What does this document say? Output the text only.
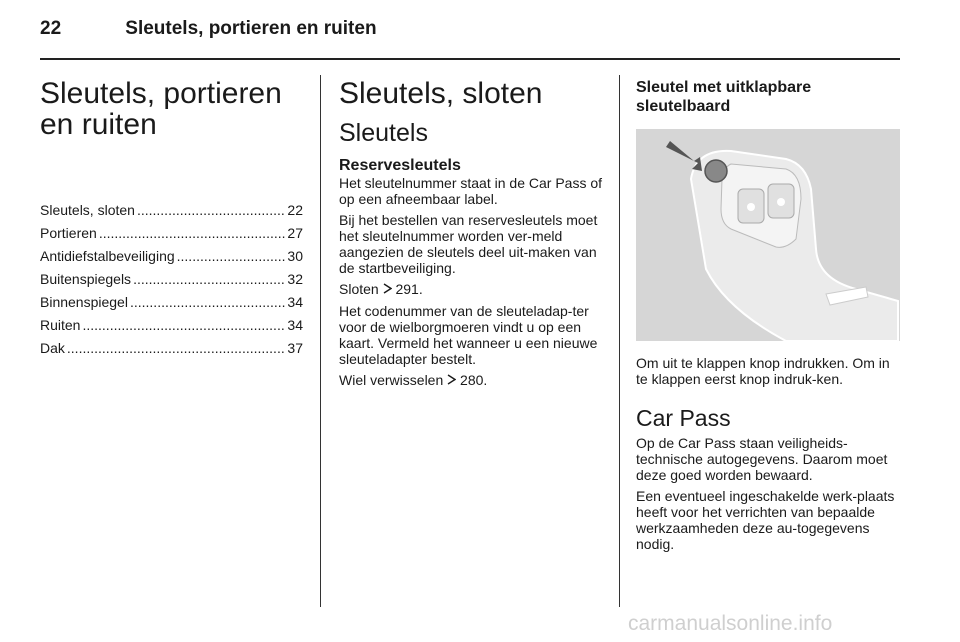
22	Sleutels, portieren en ruiten
Sleutels, portieren en ruiten
Sleutels, sloten .....	22
Portieren .....	27
Antidiefstalbeveiliging .....	30
Buitenspiegels .....	32
Binnenspiegel .....	34
Ruiten .....	34
Dak .....	37
Sleutels, sloten
Sleutels
Reservesleutels

Het sleutelnummer staat in de Car Pass of op een afneembaar label.

Bij het bestellen van reservesleutels moet het sleutelnummer worden ver-meld aangezien de sleutels deel uit-maken van de startbeveiliging.

Sloten 291.

Het codenummer van de sleuteladap-ter voor de wielborgmoeren vindt u op een kaart. Vermeld het wanneer u een nieuwe sleuteladapter bestelt.

Wiel verwisselen 280.

Sleutel met uitklapbare sleutelbaard

Om uit te klappen knop indrukken. Om in te klappen eerst knop indruk-ken.

Car Pass

Op de Car Pass staan veiligheids-technische autogegevens. Daarom moet deze goed worden bewaard.

Een eventueel ingeschakelde werk-plaats heeft voor het verrichten van bepaalde werkzaamheden deze au-togegevens nodig.

carmanualsonline.info
